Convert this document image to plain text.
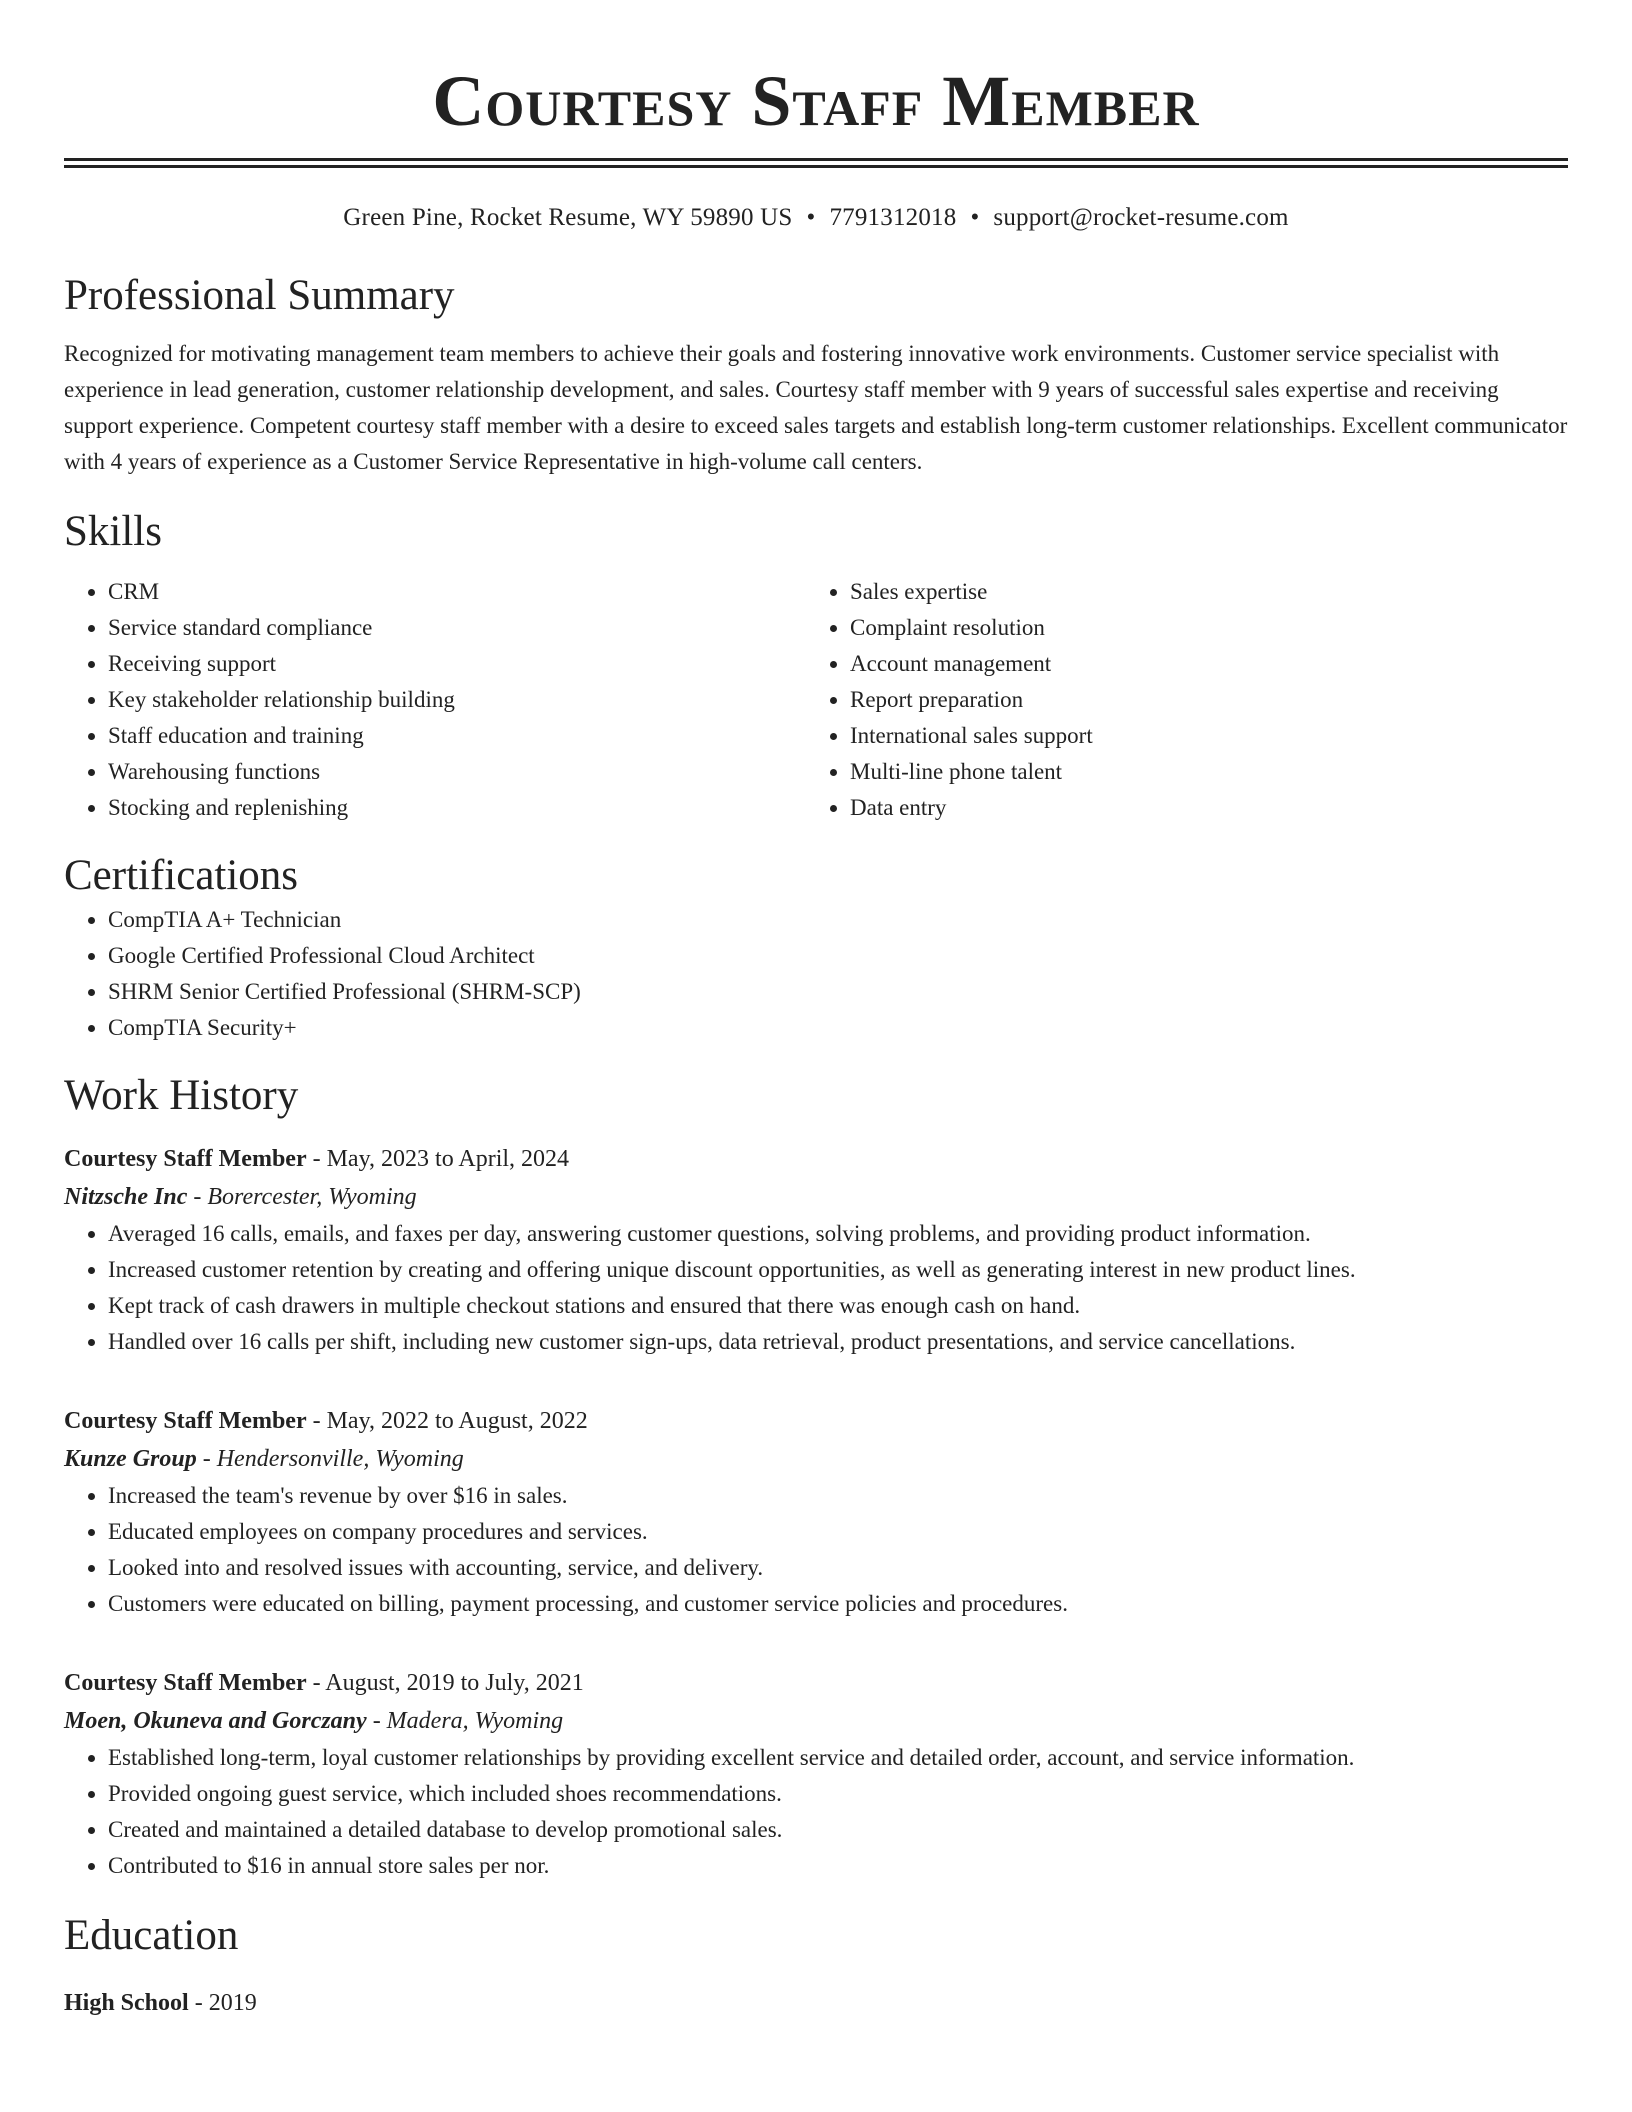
Courtesy Staff Member
Green Pine, Rocket Resume, WY 59890 US • 7791312018 • support@rocket-resume.com
Professional Summary
Recognized for motivating management team members to achieve their goals and fostering innovative work environments. Customer service specialist with experience in lead generation, customer relationship development, and sales. Courtesy staff member with 9 years of successful sales expertise and receiving support experience. Competent courtesy staff member with a desire to exceed sales targets and establish long-term customer relationships. Excellent communicator with 4 years of experience as a Customer Service Representative in high-volume call centers.
Skills
• CRM
• Service standard compliance
• Receiving support
• Key stakeholder relationship building
• Staff education and training
• Warehousing functions
• Stocking and replenishing
• Sales expertise
• Complaint resolution
• Account management
• Report preparation
• International sales support
• Multi-line phone talent
• Data entry
Certifications
• CompTIA A+ Technician
• Google Certified Professional Cloud Architect
• SHRM Senior Certified Professional (SHRM-SCP)
• CompTIA Security+
Work History
Courtesy Staff Member - May, 2023 to April, 2024
Nitzsche Inc - Borercester, Wyoming
• Averaged 16 calls, emails, and faxes per day, answering customer questions, solving problems, and providing product information.
• Increased customer retention by creating and offering unique discount opportunities, as well as generating interest in new product lines.
• Kept track of cash drawers in multiple checkout stations and ensured that there was enough cash on hand.
• Handled over 16 calls per shift, including new customer sign-ups, data retrieval, product presentations, and service cancellations.
Courtesy Staff Member - May, 2022 to August, 2022
Kunze Group - Hendersonville, Wyoming
• Increased the team's revenue by over $16 in sales.
• Educated employees on company procedures and services.
• Looked into and resolved issues with accounting, service, and delivery.
• Customers were educated on billing, payment processing, and customer service policies and procedures.
Courtesy Staff Member - August, 2019 to July, 2021
Moen, Okuneva and Gorczany - Madera, Wyoming
• Established long-term, loyal customer relationships by providing excellent service and detailed order, account, and service information.
• Provided ongoing guest service, which included shoes recommendations.
• Created and maintained a detailed database to develop promotional sales.
• Contributed to $16 in annual store sales per nor.
Education
High School - 2019
